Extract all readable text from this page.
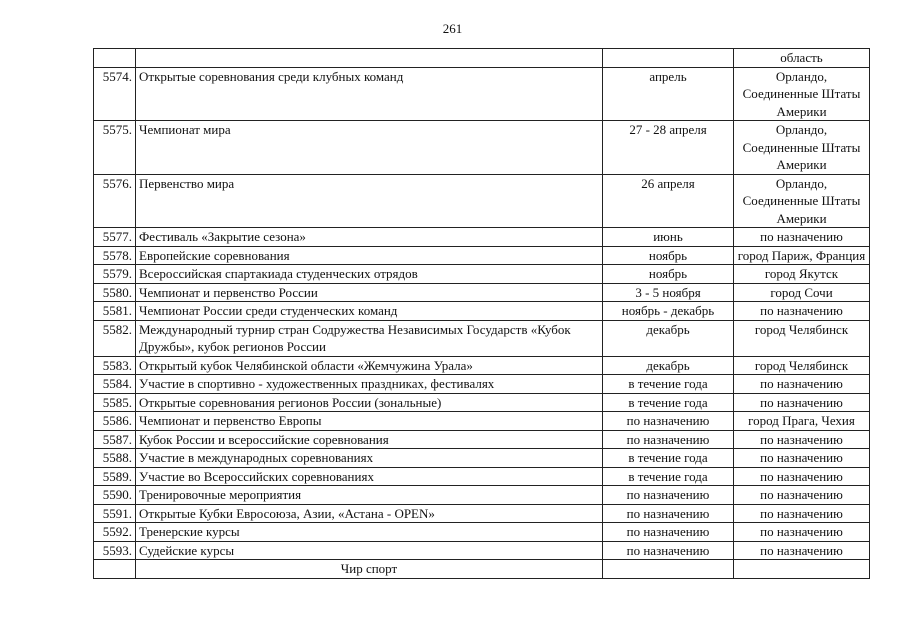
261
			область
5574.	Открытые соревнования среди клубных команд	апрель	Орландо, Соединенные Штаты Америки
5575.	Чемпионат мира	27 - 28 апреля	Орландо, Соединенные Штаты Америки
5576.	Первенство мира	26 апреля	Орландо, Соединенные Штаты Америки
5577.	Фестиваль «Закрытие сезона»	июнь	по назначению
5578.	Европейские соревнования	ноябрь	город Париж, Франция
5579.	Всероссийская спартакиада студенческих отрядов	ноябрь	город Якутск
5580.	Чемпионат и первенство России	3 - 5 ноября	город Сочи
5581.	Чемпионат России среди студенческих команд	ноябрь - декабрь	по назначению
5582.	Международный турнир стран Содружества Независимых Государств «Кубок Дружбы», кубок регионов России	декабрь	город Челябинск
5583.	Открытый кубок Челябинской области «Жемчужина Урала»	декабрь	город Челябинск
5584.	Участие в спортивно - художественных праздниках, фестивалях	в течение года	по назначению
5585.	Открытые соревнования регионов России (зональные)	в течение года	по назначению
5586.	Чемпионат и первенство Европы	по назначению	город Прага, Чехия
5587.	Кубок России и всероссийские соревнования	по назначению	по назначению
5588.	Участие в международных соревнованиях	в течение года	по назначению
5589.	Участие во Всероссийских соревнованиях	в течение года	по назначению
5590.	Тренировочные мероприятия	по назначению	по назначению
5591.	Открытые Кубки Евросоюза, Азии, «Астана - OPEN»	по назначению	по назначению
5592.	Тренерские курсы	по назначению	по назначению
5593.	Судейские курсы	по назначению	по назначению
	Чир спорт		
